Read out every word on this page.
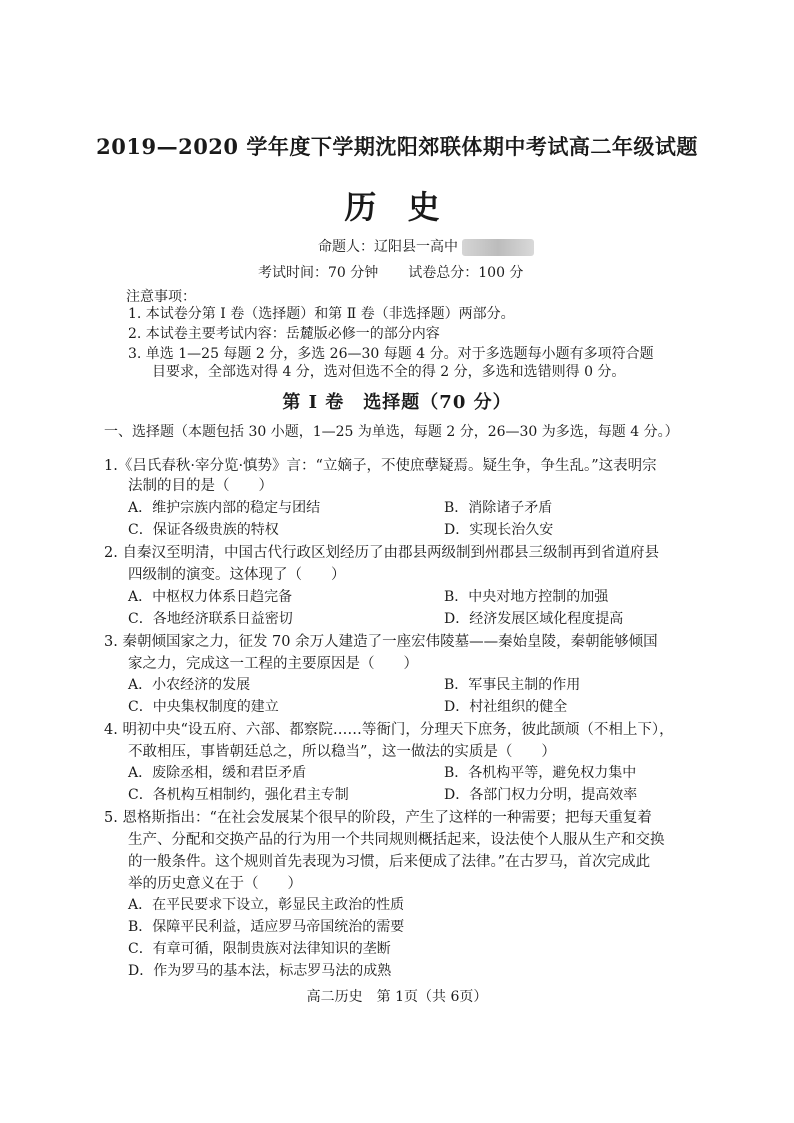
2019—2020 学年度下学期沈阳郊联体期中考试高二年级试题
历 史
命题人：辽阳县一高中
考试时间：70 分钟 试卷总分：100 分
注意事项：
1. 本试卷分第 Ⅰ 卷（选择题）和第 Ⅱ 卷（非选择题）两部分。
2. 本试卷主要考试内容：岳麓版必修一的部分内容
3. 单选 1—25 每题 2 分，多选 26—30 每题 4 分。对于多选题每小题有多项符合题
目要求，全部选对得 4 分，选对但选不全的得 2 分，多选和选错则得 0 分。
第 Ⅰ 卷　选择题（70 分）
一、选择题（本题包括 30 小题，1—25 为单选，每题 2 分，26—30 为多选，每题 4 分。）
1.《吕氏春秋·宰分览·慎势》言：“立嫡子，不使庶孽疑焉。疑生争，争生乱。”这表明宗
法制的目的是（　　）
A．维护宗族内部的稳定与团结	B．消除诸子矛盾
C．保证各级贵族的特权	D．实现长治久安
2. 自秦汉至明清，中国古代行政区划经历了由郡县两级制到州郡县三级制再到省道府县
四级制的演变。这体现了（　　）
A．中枢权力体系日趋完备	B．中央对地方控制的加强
C．各地经济联系日益密切	D．经济发展区域化程度提高
3. 秦朝倾国家之力，征发 70 余万人建造了一座宏伟陵墓——秦始皇陵，秦朝能够倾国
家之力，完成这一工程的主要原因是（　　）
A．小农经济的发展	B．军事民主制的作用
C．中央集权制度的建立	D．村社组织的健全
4. 明初中央“设五府、六部、都察院……等衙门，分理天下庶务，彼此颉颃（不相上下），
不敢相压，事皆朝廷总之，所以稳当”，这一做法的实质是（　　）
A．废除丞相，缓和君臣矛盾	B．各机构平等，避免权力集中
C．各机构互相制约，强化君主专制	D．各部门权力分明，提高效率
5. 恩格斯指出：“在社会发展某个很早的阶段，产生了这样的一种需要；把每天重复着
生产、分配和交换产品的行为用一个共同规则概括起来，设法使个人服从生产和交换
的一般条件。这个规则首先表现为习惯，后来便成了法律。”在古罗马，首次完成此
举的历史意义在于（　　）
A．在平民要求下设立，彰显民主政治的性质
B．保障平民利益，适应罗马帝国统治的需要
C．有章可循，限制贵族对法律知识的垄断
D．作为罗马的基本法，标志罗马法的成熟
高二历史　第 1页（共 6页）
